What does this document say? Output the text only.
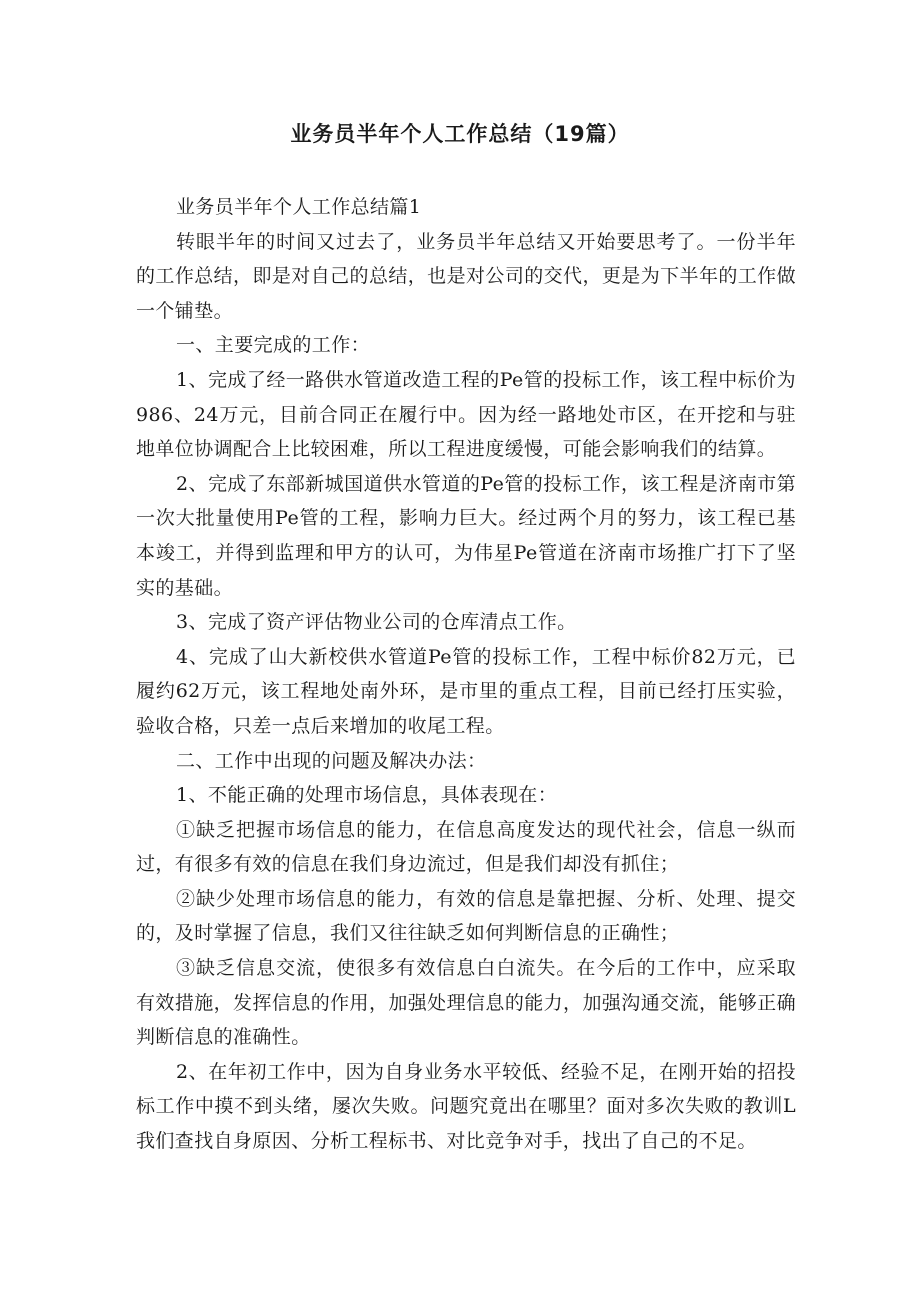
业务员半年个人工作总结（19篇）

业务员半年个人工作总结篇1

转眼半年的时间又过去了，业务员半年总结又开始要思考了。一份半年的工作总结，即是对自己的总结，也是对公司的交代，更是为下半年的工作做一个铺垫。

一、主要完成的工作：

1、完成了经一路供水管道改造工程的Pe管的投标工作，该工程中标价为986、24万元，目前合同正在履行中。因为经一路地处市区，在开挖和与驻地单位协调配合上比较困难，所以工程进度缓慢，可能会影响我们的结算。

2、完成了东部新城国道供水管道的Pe管的投标工作，该工程是济南市第一次大批量使用Pe管的工程，影响力巨大。经过两个月的努力，该工程已基本竣工，并得到监理和甲方的认可，为伟星Pe管道在济南市场推广打下了坚实的基础。

3、完成了资产评估物业公司的仓库清点工作。

4、完成了山大新校供水管道Pe管的投标工作，工程中标价82万元，已履约62万元，该工程地处南外环，是市里的重点工程，目前已经打压实验，验收合格，只差一点后来增加的收尾工程。

二、工作中出现的问题及解决办法：

1、不能正确的处理市场信息，具体表现在：

①缺乏把握市场信息的能力，在信息高度发达的现代社会，信息一纵而过，有很多有效的信息在我们身边流过，但是我们却没有抓住；

②缺少处理市场信息的能力，有效的信息是靠把握、分析、处理、提交的，及时掌握了信息，我们又往往缺乏如何判断信息的正确性；

③缺乏信息交流，使很多有效信息白白流失。在今后的工作中，应采取有效措施，发挥信息的作用，加强处理信息的能力，加强沟通交流，能够正确判断信息的准确性。

2、在年初工作中，因为自身业务水平较低、经验不足，在刚开始的招投标工作中摸不到头绪，屡次失败。问题究竟出在哪里？面对多次失败的教训L我们查找自身原因、分析工程标书、对比竞争对手，找出了自己的不足。
